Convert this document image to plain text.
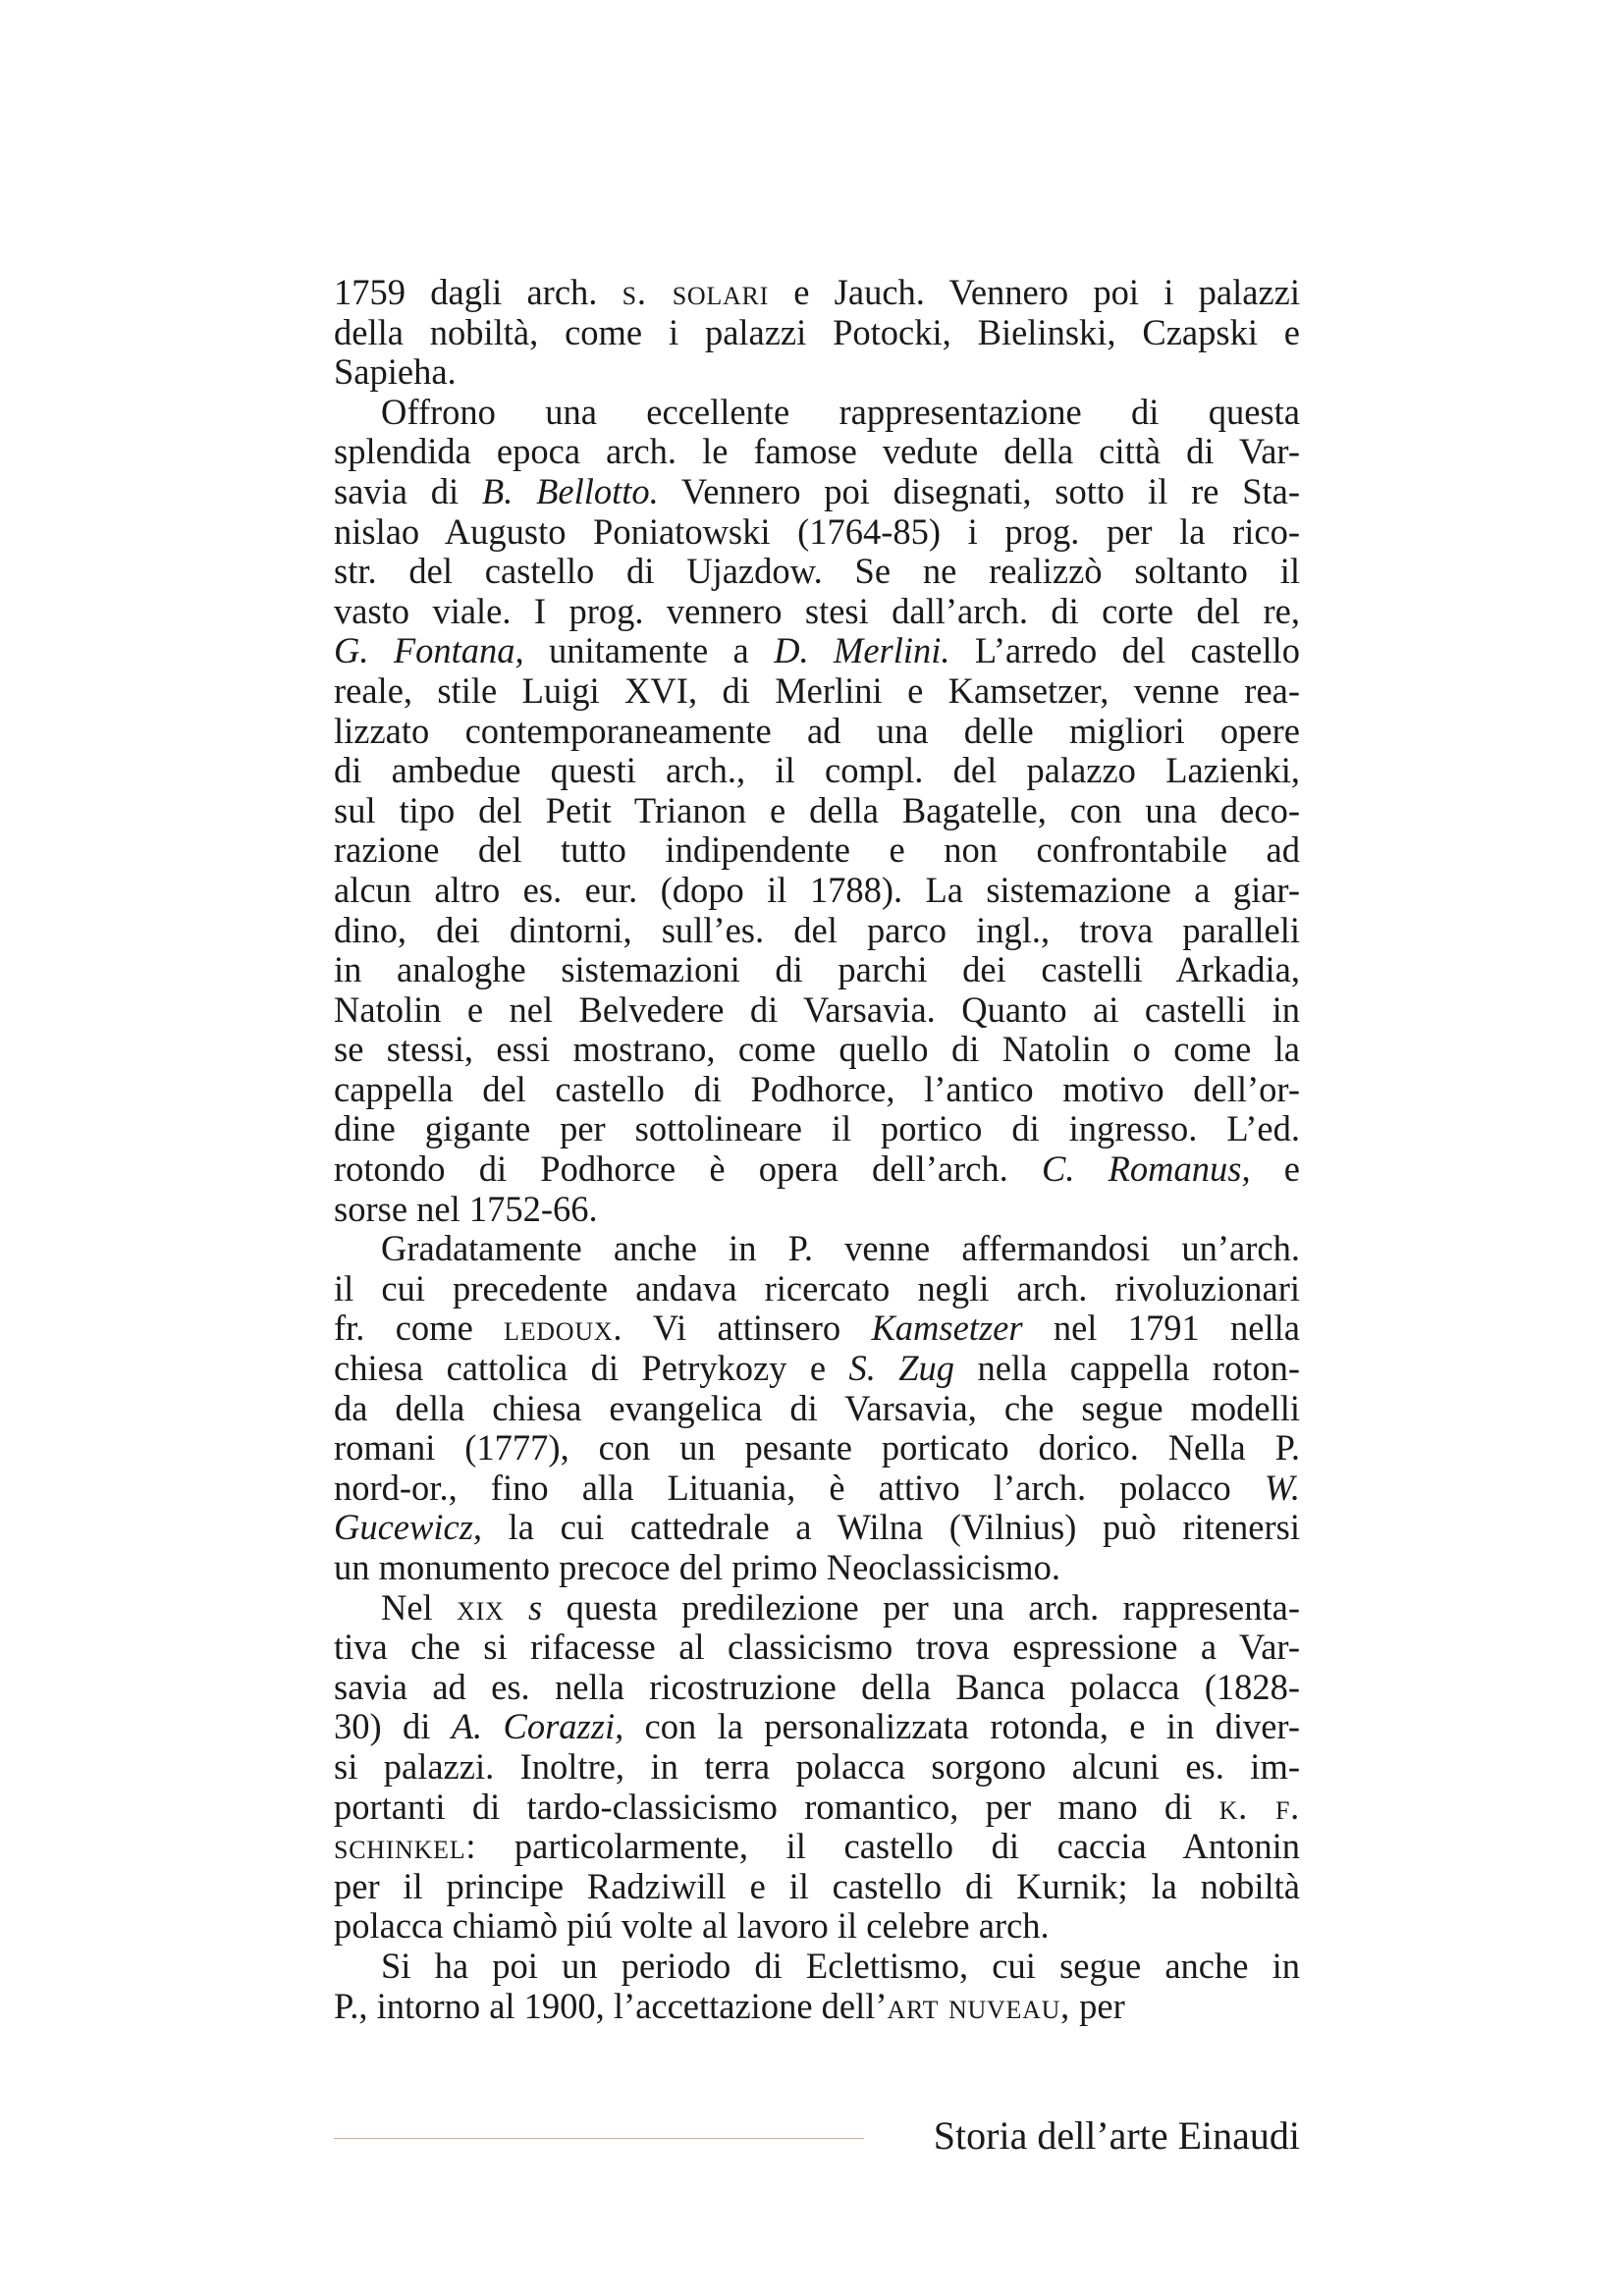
1759 dagli arch. s. solari e Jauch. Vennero poi i palazzi
della nobiltà, come i palazzi Potocki, Bielinski, Czapski e
Sapieha.
Offrono una eccellente rappresentazione di questa
splendida epoca arch. le famose vedute della città di Var-
savia di B. Bellotto. Vennero poi disegnati, sotto il re Sta-
nislao Augusto Poniatowski (1764-85) i prog. per la rico-
str. del castello di Ujazdow. Se ne realizzò soltanto il
vasto viale. I prog. vennero stesi dall’arch. di corte del re,
G. Fontana, unitamente a D. Merlini. L’arredo del castello
reale, stile Luigi XVI, di Merlini e Kamsetzer, venne rea-
lizzato contemporaneamente ad una delle migliori opere
di ambedue questi arch., il compl. del palazzo Lazienki,
sul tipo del Petit Trianon e della Bagatelle, con una deco-
razione del tutto indipendente e non confrontabile ad
alcun altro es. eur. (dopo il 1788). La sistemazione a giar-
dino, dei dintorni, sull’es. del parco ingl., trova paralleli
in analoghe sistemazioni di parchi dei castelli Arkadia,
Natolin e nel Belvedere di Varsavia. Quanto ai castelli in
se stessi, essi mostrano, come quello di Natolin o come la
cappella del castello di Podhorce, l’antico motivo dell’or-
dine gigante per sottolineare il portico di ingresso. L’ed.
rotondo di Podhorce è opera dell’arch. C. Romanus, e
sorse nel 1752-66.
Gradatamente anche in P. venne affermandosi un’arch.
il cui precedente andava ricercato negli arch. rivoluzionari
fr. come ledoux. Vi attinsero Kamsetzer nel 1791 nella
chiesa cattolica di Petrykozy e S. Zug nella cappella roton-
da della chiesa evangelica di Varsavia, che segue modelli
romani (1777), con un pesante porticato dorico. Nella P.
nord-or., fino alla Lituania, è attivo l’arch. polacco W.
Gucewicz, la cui cattedrale a Wilna (Vilnius) può ritenersi
un monumento precoce del primo Neoclassicismo.
Nel xix s questa predilezione per una arch. rappresenta-
tiva che si rifacesse al classicismo trova espressione a Var-
savia ad es. nella ricostruzione della Banca polacca (1828-
30) di A. Corazzi, con la personalizzata rotonda, e in diver-
si palazzi. Inoltre, in terra polacca sorgono alcuni es. im-
portanti di tardo-classicismo romantico, per mano di k. f.
schinkel: particolarmente, il castello di caccia Antonin
per il principe Radziwill e il castello di Kurnik; la nobiltà
polacca chiamò piú volte al lavoro il celebre arch.
Si ha poi un periodo di Eclettismo, cui segue anche in
P., intorno al 1900, l’accettazione dell’art nuveau, per
Storia dell’arte Einaudi
